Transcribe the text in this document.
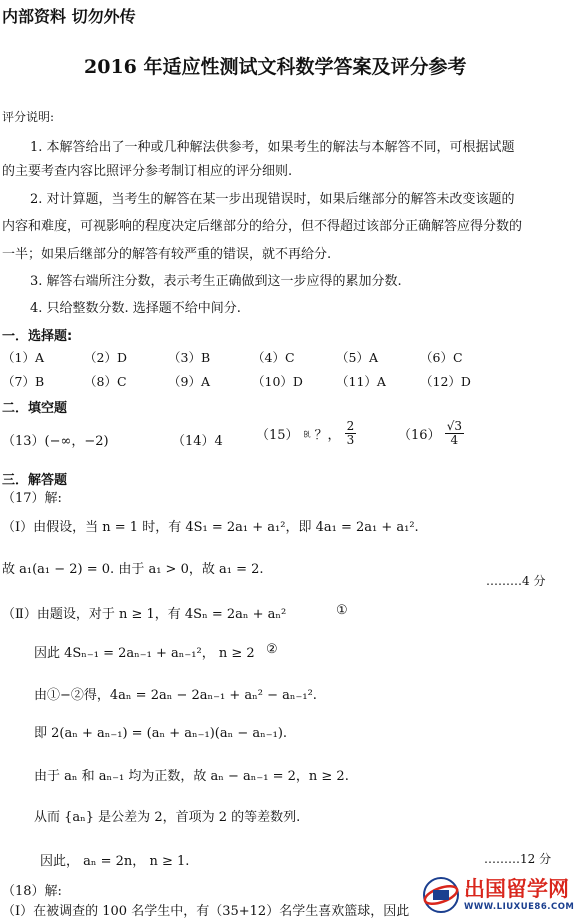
内部资料 切勿外传
2016 年适应性测试文科数学答案及评分参考
评分说明:
1. 本解答给出了一种或几种解法供参考，如果考生的解法与本解答不同，可根据试题
的主要考查内容比照评分参考制订相应的评分细则.
2. 对计算题，当考生的解答在某一步出现错误时，如果后继部分的解答未改变该题的
内容和难度，可视影响的程度决定后继部分的给分，但不得超过该部分正确解答应得分数的
一半；如果后继部分的解答有较严重的错误，就不再给分.
3. 解答右端所注分数，表示考生正确做到这一步应得的累加分数.
4. 只给整数分数. 选择题不给中间分.
一．选择题:
（1）A	（2）D	（3）B	（4）C	（5）A	（6）C
（7）B	（8）C	（9）A	（10）D	（11）A	（12）D
二．填空题
（13）(−∞，−2)	（14）4	（15） ಹ ？， $\frac{2}{3}$	$(16) \frac{√3}{4}$
三．解答题
（17）解:
（Ⅰ）由假设，当 n = 1 时，有 4S₁ = 2a₁ + a₁²，即 4a₁ = 2a₁ + a₁².
故 a₁(a₁ − 2) = 0. 由于 a₁ > 0，故 a₁ = 2.
………4 分
（Ⅱ）由题设，对于 n ≥ 1，有 4Sₙ = 2aₙ + aₙ²	①
因此 4Sₙ₋₁ = 2aₙ₋₁ + aₙ₋₁²， n ≥ 2 ②
由①−②得，4aₙ = 2aₙ − 2aₙ₋₁ + aₙ² − aₙ₋₁².
即 2(aₙ + aₙ₋₁) = (aₙ + aₙ₋₁)(aₙ − aₙ₋₁).
由于 aₙ 和 aₙ₋₁ 均为正数，故 aₙ − aₙ₋₁ = 2，n ≥ 2.
从而 {aₙ} 是公差为 2，首项为 2 的等差数列.
因此， aₙ = 2n， n ≥ 1.	………12 分
（18）解:
（Ⅰ）在被调查的 100 名学生中，有（35+12）名学生喜欢篮球，因此
出国留学网
WWW.LIUXUE86.COM
